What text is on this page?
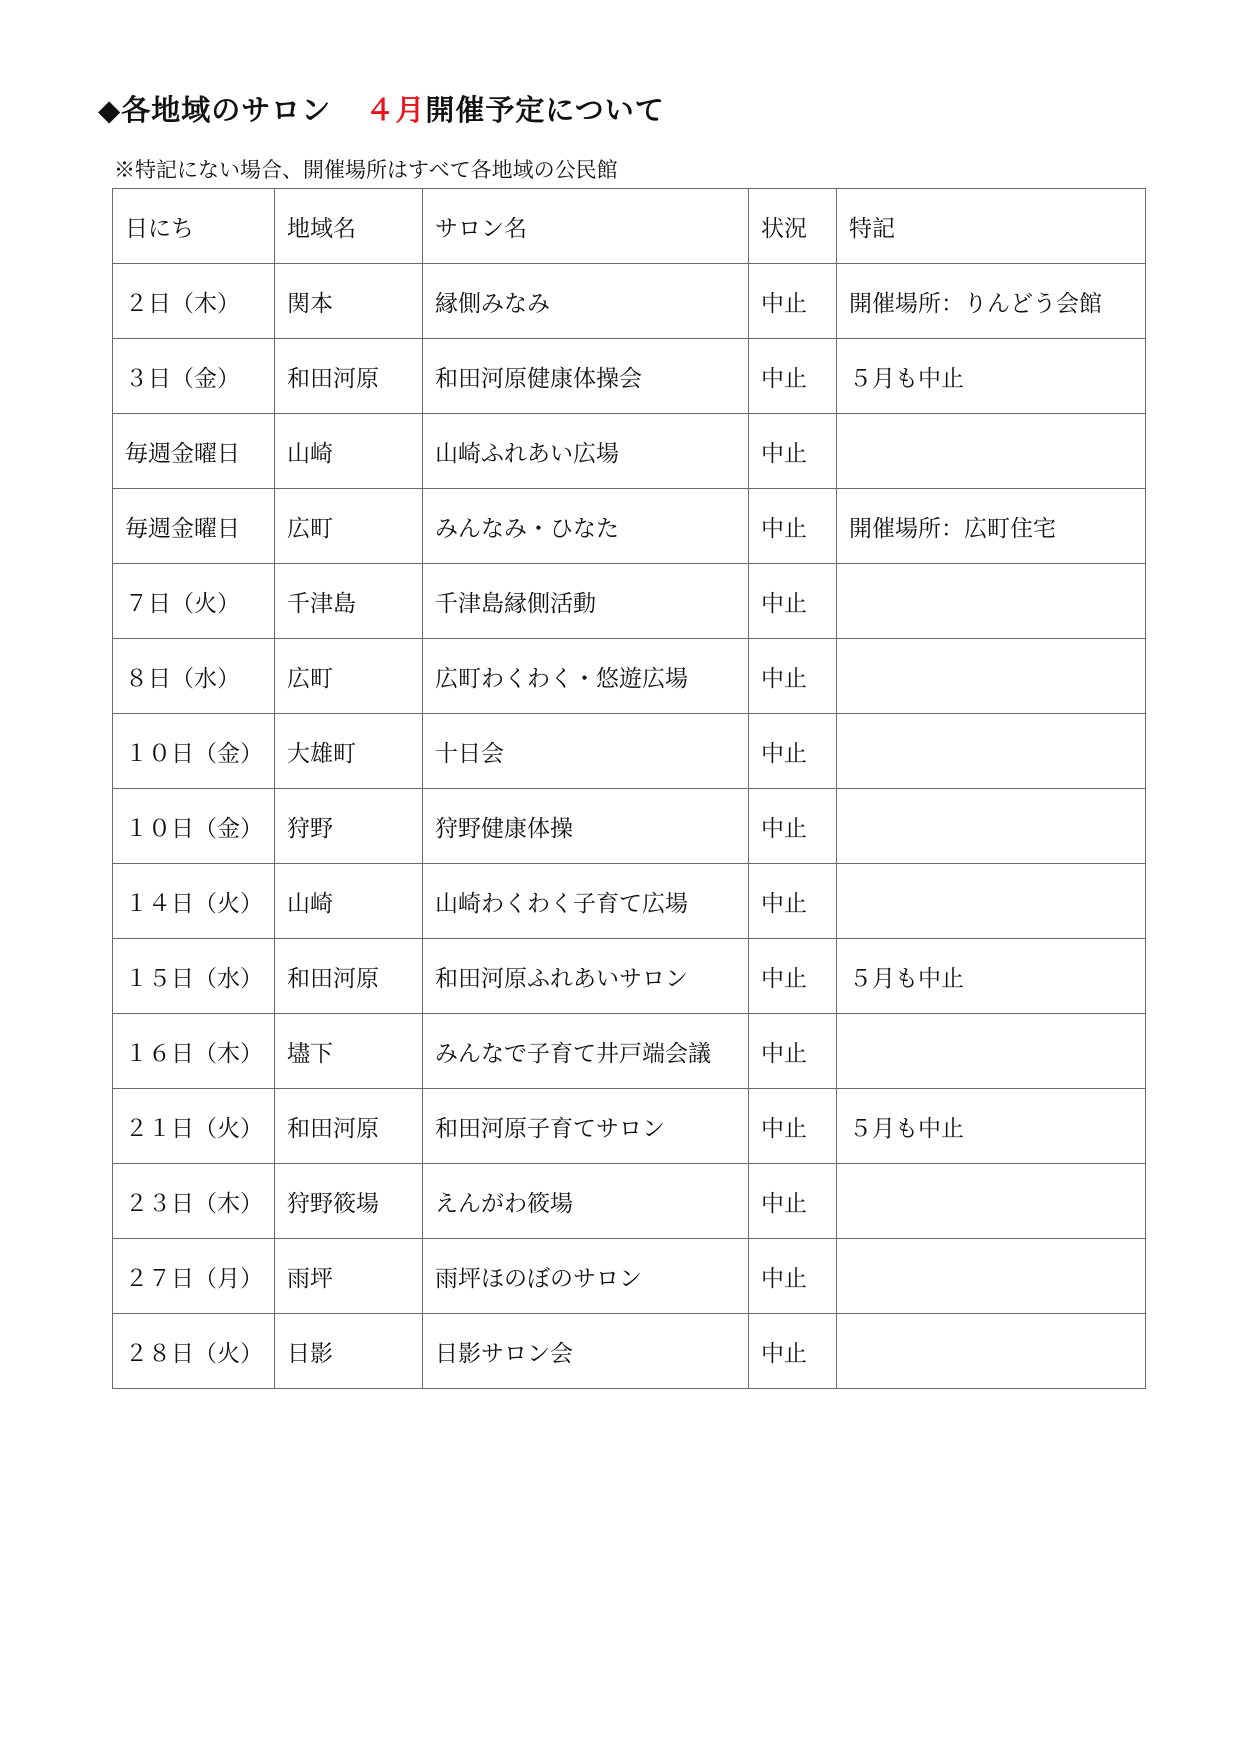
◆各地域のサロン ４月開催予定について
※特記にない場合、開催場所はすべて各地域の公民館
日にち	地域名	サロン名	状況	特記
２日（木）	関本	縁側みなみ	中止	開催場所：りんどう会館
３日（金）	和田河原	和田河原健康体操会	中止	５月も中止
毎週金曜日	山崎	山崎ふれあい広場	中止	
毎週金曜日	広町	みんなみ・ひなた	中止	開催場所：広町住宅
７日（火）	千津島	千津島縁側活動	中止	
８日（水）	広町	広町わくわく・悠遊広場	中止	
１０日（金）	大雄町	十日会	中止	
１０日（金）	狩野	狩野健康体操	中止	
１４日（火）	山崎	山崎わくわく子育て広場	中止	
１５日（水）	和田河原	和田河原ふれあいサロン	中止	５月も中止
１６日（木）	壗下	みんなで子育て井戸端会議	中止	
２１日（火）	和田河原	和田河原子育てサロン	中止	５月も中止
２３日（木）	狩野筱場	えんがわ筱場	中止	
２７日（月）	雨坪	雨坪ほのぼのサロン	中止	
２８日（火）	日影	日影サロン会	中止	
